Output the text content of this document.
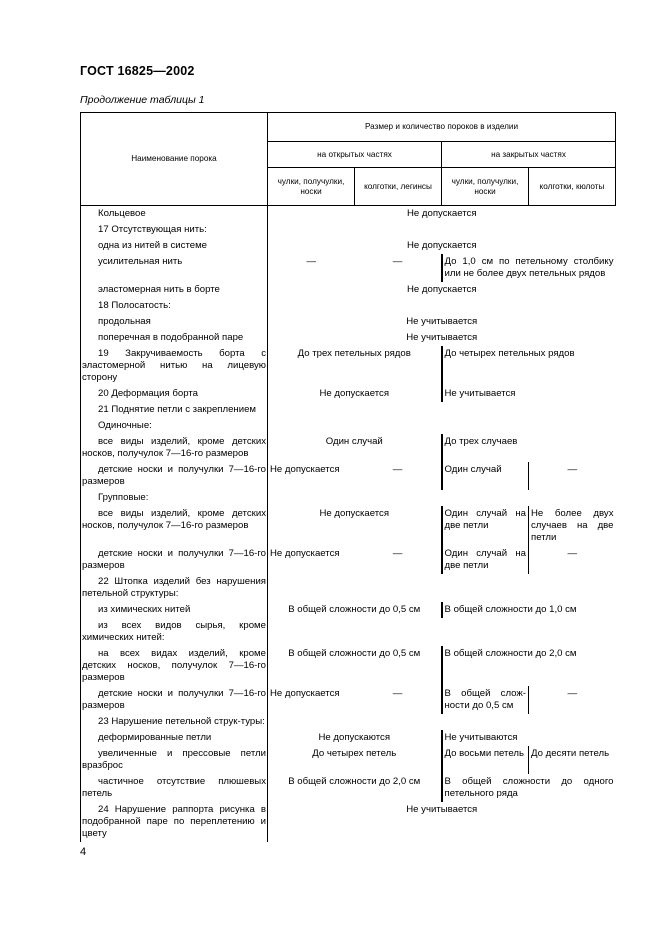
ГОСТ 16825—2002
Продолжение таблицы 1
Наименование порока	Размер и количество пороков в изделии			
	на открытых частях		на закрытых частях	
	чулки, получулки, носки	колготки, легинсы	чулки, получулки, носки	колготки, кюлоты
Кольцевое	Не допускается			
17 Отсутствующая нить:				
одна из нитей в системе	Не допускается			
усилительная нить	—	—	До 1,0 см по петельному столбику или не более двух петельных рядов	
эластомерная нить в борте	Не допускается			
18 Полосатость:				
продольная	Не учитывается			
поперечная в подобранной паре	Не учитывается			
19 Закручиваемость борта с эластомерной нитью на лицевую сторону	До трех петельных рядов		До четырех петельных рядов	
20 Деформация борта	Не допускается		Не учитывается	
21 Поднятие петли с закреплением				
Одиночные:				
все виды изделий, кроме детских носков, получулок 7—16-го размеров	Один случай		До трех случаев	
детские носки и получулки 7—16-го размеров	Не допускается	—	Один случай	—
Групповые:				
все виды изделий, кроме детских носков, получулок 7—16-го размеров	Не допускается		Один случай на две петли	Не более двух случаев на две петли
детские носки и получулки 7—16-го размеров	Не допускается	—	Один случай на две петли	—
22 Штопка изделий без нарушения петельной структуры:				
из химических нитей	В общей сложности до 0,5 см		В общей сложности до 1,0 см	
из всех видов сырья, кроме химических нитей:				
на всех видах изделий, кроме детских носков, получулок 7—16-го размеров	В общей сложности до 0,5 см		В общей сложности до 2,0 см	
детские носки и получулки 7—16-го размеров	Не допускается	—	В общей слож-ности до 0,5 см	—
23 Нарушение петельной струк-туры:				
деформированные петли	Не допускаются		Не учитываются	
увеличенные и прессовые петли вразброс	До четырех петель		До восьми петель	До десяти петель
частичное отсутствие плюшевых петель	В общей сложности до 2,0 см		В общей сложности до одного петельного ряда	
24 Нарушение раппорта рисунка в подобранной паре по переплетению и цвету	Не учитывается			
4
